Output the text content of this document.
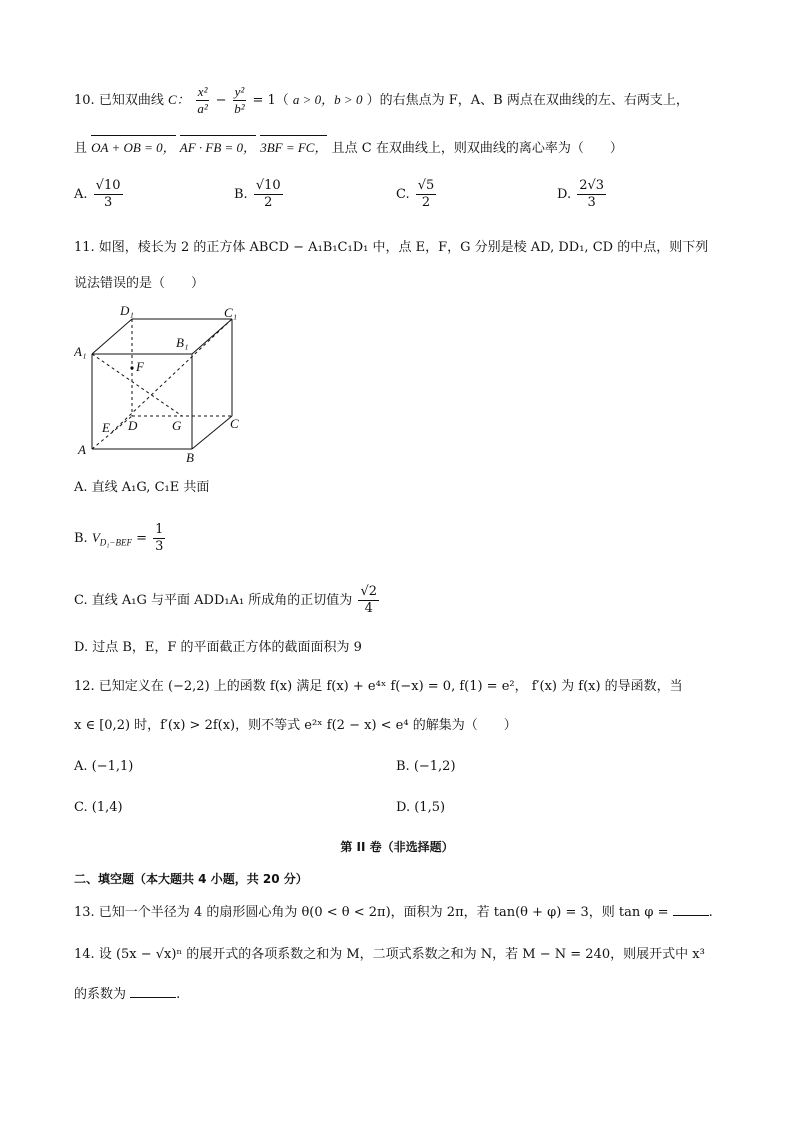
10. 已知双曲线 C： $\frac{\text{x²}}{\text{a²}} - \frac{\text{y²}}{\text{b²}} = 1$（ a > 0，b > 0 ）的右焦点为 F，A、B 两点在双曲线的左、右两支上，
且 OA + OB = 0， AF · FB = 0， 3BF = FC， 且点 C 在双曲线上，则双曲线的离心率为（　　）
A. $\frac{√10}{3}$	B. $\frac{√10}{2}$	C. $\frac{√5}{2}$	D. $\frac{2√3}{3}$
11. 如图，棱长为 2 的正方体 ABCD − A₁B₁C₁D₁ 中，点 E，F，G 分别是棱 AD, DD₁, CD 的中点，则下列
说法错误的是（　　）
D₁	C₁
B₁
A₁
F
D	G	C
E
A
B
A. 直线 A₁G, C₁E 共面
B. $V_{D_1-BEF} = \frac{1}{3}$
C. 直线 A₁G 与平面 ADD₁A₁ 所成角的正切值为 $\frac{√2}{4}$
D. 过点 B，E，F 的平面截正方体的截面面积为 9
12. 已知定义在 (−2,2) 上的函数 f(x) 满足 f(x) + e⁴ˣ f(−x) = 0, f(1) = e²， f′(x) 为 f(x) 的导函数，当
x ∈ [0,2) 时，f′(x) > 2f(x)，则不等式 e²ˣ f(2 − x) < e⁴ 的解集为（　　）
A. (−1,1)	B. (−1,2)
C. (1,4)	D. (1,5)
第 II 卷（非选择题）
二、填空题（本大题共 4 小题，共 20 分）
13. 已知一个半径为 4 的扇形圆心角为 θ(0 < θ < 2π)，面积为 2π，若 tan(θ + φ) = 3，则 tan φ =	.
14. 设 (5x − √x)ⁿ 的展开式的各项系数之和为 M，二项式系数之和为 N，若 M − N = 240，则展开式中 x³
的系数为	.
